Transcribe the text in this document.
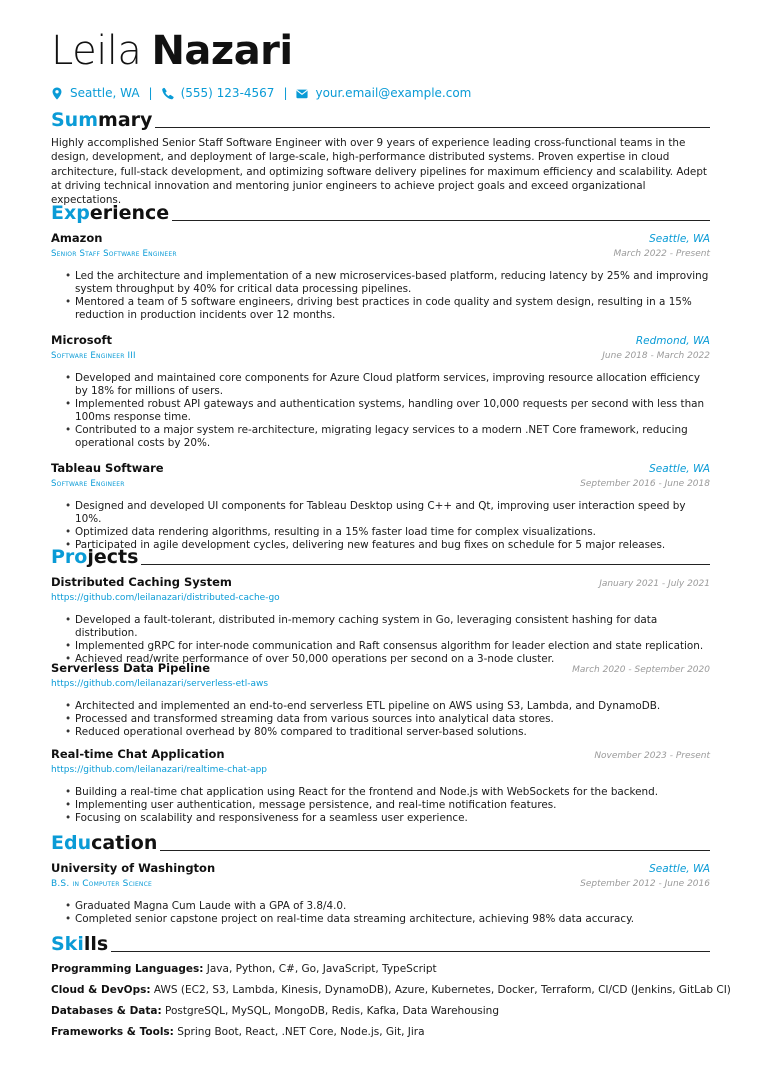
Leila Nazari
Seattle, WA | (555) 123-4567 | your.email@example.com
Summary
Highly accomplished Senior Staff Software Engineer with over 9 years of experience leading cross-functional teams in the design, development, and deployment of large-scale, high-performance distributed systems. Proven expertise in cloud architecture, full-stack development, and optimizing software delivery pipelines for maximum efficiency and scalability. Adept at driving technical innovation and mentoring junior engineers to achieve project goals and exceed organizational expectations.
Experience
Amazon	Seattle, WA
Senior Staff Software Engineer	March 2022 - Present
• Led the architecture and implementation of a new microservices-based platform, reducing latency by 25% and improving system throughput by 40% for critical data processing pipelines.
• Mentored a team of 5 software engineers, driving best practices in code quality and system design, resulting in a 15% reduction in production incidents over 12 months.
Microsoft	Redmond, WA
Software Engineer III	June 2018 - March 2022
• Developed and maintained core components for Azure Cloud platform services, improving resource allocation efficiency by 18% for millions of users.
• Implemented robust API gateways and authentication systems, handling over 10,000 requests per second with less than 100ms response time.
• Contributed to a major system re-architecture, migrating legacy services to a modern .NET Core framework, reducing operational costs by 20%.
Tableau Software	Seattle, WA
Software Engineer	September 2016 - June 2018
• Designed and developed UI components for Tableau Desktop using C++ and Qt, improving user interaction speed by 10%.
• Optimized data rendering algorithms, resulting in a 15% faster load time for complex visualizations.
• Participated in agile development cycles, delivering new features and bug fixes on schedule for 5 major releases.
Projects
Distributed Caching System	January 2021 - July 2021
https://github.com/leilanazari/distributed-cache-go
• Developed a fault-tolerant, distributed in-memory caching system in Go, leveraging consistent hashing for data distribution.
• Implemented gRPC for inter-node communication and Raft consensus algorithm for leader election and state replication.
• Achieved read/write performance of over 50,000 operations per second on a 3-node cluster.
Serverless Data Pipeline	March 2020 - September 2020
https://github.com/leilanazari/serverless-etl-aws
• Architected and implemented an end-to-end serverless ETL pipeline on AWS using S3, Lambda, and DynamoDB.
• Processed and transformed streaming data from various sources into analytical data stores.
• Reduced operational overhead by 80% compared to traditional server-based solutions.
Real-time Chat Application	November 2023 - Present
https://github.com/leilanazari/realtime-chat-app
• Building a real-time chat application using React for the frontend and Node.js with WebSockets for the backend.
• Implementing user authentication, message persistence, and real-time notification features.
• Focusing on scalability and responsiveness for a seamless user experience.
Education
University of Washington	Seattle, WA
B.S. in Computer Science	September 2012 - June 2016
• Graduated Magna Cum Laude with a GPA of 3.8/4.0.
• Completed senior capstone project on real-time data streaming architecture, achieving 98% data accuracy.
Skills
Programming Languages: Java, Python, C#, Go, JavaScript, TypeScript
Cloud & DevOps: AWS (EC2, S3, Lambda, Kinesis, DynamoDB), Azure, Kubernetes, Docker, Terraform, CI/CD (Jenkins, GitLab CI)
Databases & Data: PostgreSQL, MySQL, MongoDB, Redis, Kafka, Data Warehousing
Frameworks & Tools: Spring Boot, React, .NET Core, Node.js, Git, Jira
